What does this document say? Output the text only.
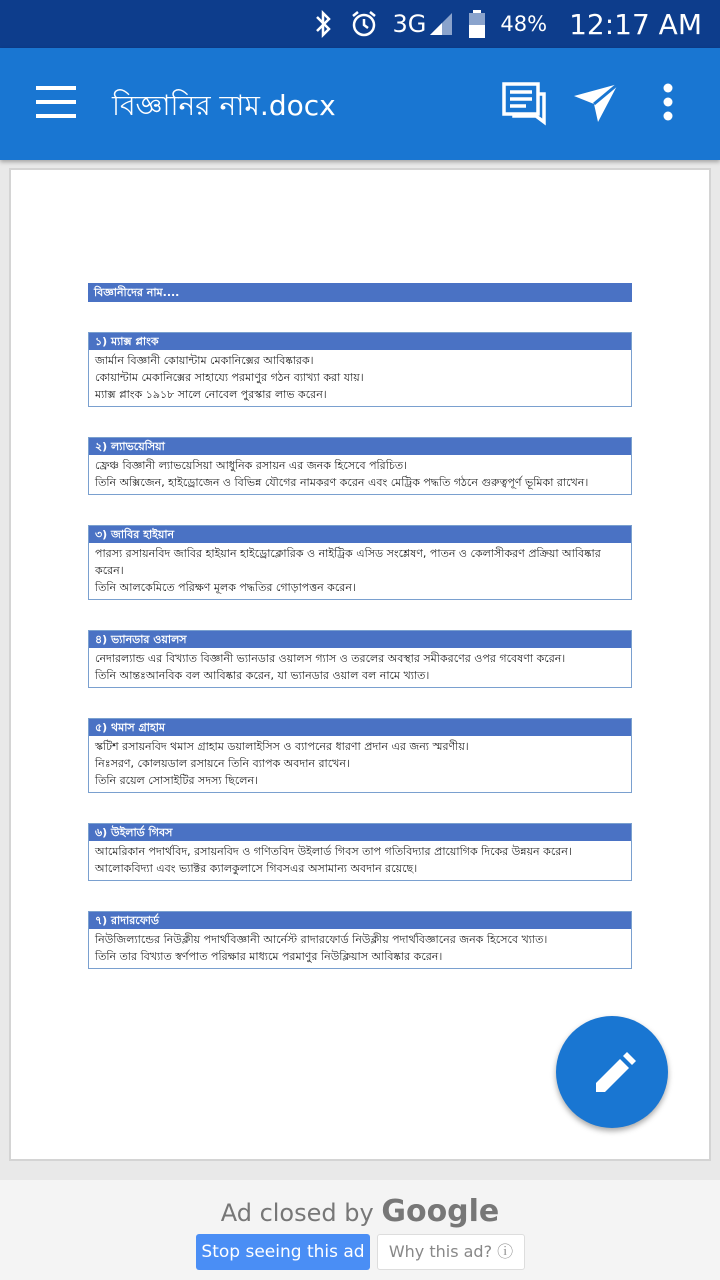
3G	48% 12:17 AM
বিজ্ঞানির নাম.docx
বিজ্ঞানীদের নাম....
১) ম্যাক্স প্লাংক
জার্মান বিজ্ঞানী কোয়ান্টাম মেকানিক্সের আবিষ্কারক।
কোয়ান্টাম মেকানিক্সের সাহায্যে পরমাণুর গঠন ব্যাখ্যা করা যায়।
ম্যাক্স প্লাংক ১৯১৮ সালে নোবেল পুরস্কার লাভ করেন।
২) ল্যাভয়েসিয়া
ফ্রেঞ্চ বিজ্ঞানী ল্যাভয়েসিয়া আধুনিক রসায়ন এর জনক হিসেবে পরিচিত।
তিনি অক্সিজেন, হাইড্রোজেন ও বিভিন্ন যৌগের নামকরণ করেন এবং মেট্রিক পদ্ধতি গঠনে গুরুত্বপূর্ণ ভূমিকা রাখেন।
৩) জাবির হাইয়ান
পারস্য রসায়নবিদ জাবির হাইয়ান হাইড্রোক্লোরিক ও নাইট্রিক এসিড সংশ্লেষণ, পাতন ও কেলাসীকরণ প্রক্রিয়া আবিষ্কার করেন।
তিনি আলকেমিতে পরিক্ষণ মূলক পদ্ধতির গোড়াপত্তন করেন।
৪) ভ্যানডার ওয়ালস
নেদারল্যান্ড এর বিখ্যাত বিজ্ঞানী ভ্যানডার ওয়ালস গ্যাস ও তরলের অবস্থার সমীকরণের ওপর গবেষণা করেন।
তিনি আন্তঃআনবিক বল আবিষ্কার করেন, যা ভ্যানডার ওয়াল বল নামে খ্যাত।
৫) থমাস গ্রাহাম
স্কটিশ রসায়নবিদ থমাস গ্রাহাম ডয়ালাইসিস ও ব্যাপনের ধারণা প্রদান এর জন্য স্মরণীয়।
নিঃসরণ, কোলয়ডাল রসায়নে তিনি ব্যাপক অবদান রাখেন।
তিনি রয়েল সোসাইটির সদস্য ছিলেন।
৬) উইলার্ড গিবস
আমেরিকান পদার্থবিদ, রসায়নবিদ ও গণিতবিদ উইলার্ড গিবস তাপ গতিবিদ্যার প্রায়োগিক দিকের উন্নয়ন করেন।
আলোকবিদ্যা এবং ভ্যাক্টর ক্যালকুলাসে গিবসএর অসামান্য অবদান রয়েছে।
৭) রাদারফোর্ড
নিউজিল্যান্ডের নিউক্লীয় পদার্থবিজ্ঞানী আর্নেস্ট রাদারফোর্ড নিউক্লীয় পদার্থবিজ্ঞানের জনক হিসেবে খ্যাত।
তিনি তার বিখ্যাত স্বর্ণপাত পরিক্ষার মাধ্যমে পরমাণুর নিউক্লিয়াস আবিষ্কার করেন।
Ad closed by Google
Stop seeing this ad	Why this ad? ⓘ
